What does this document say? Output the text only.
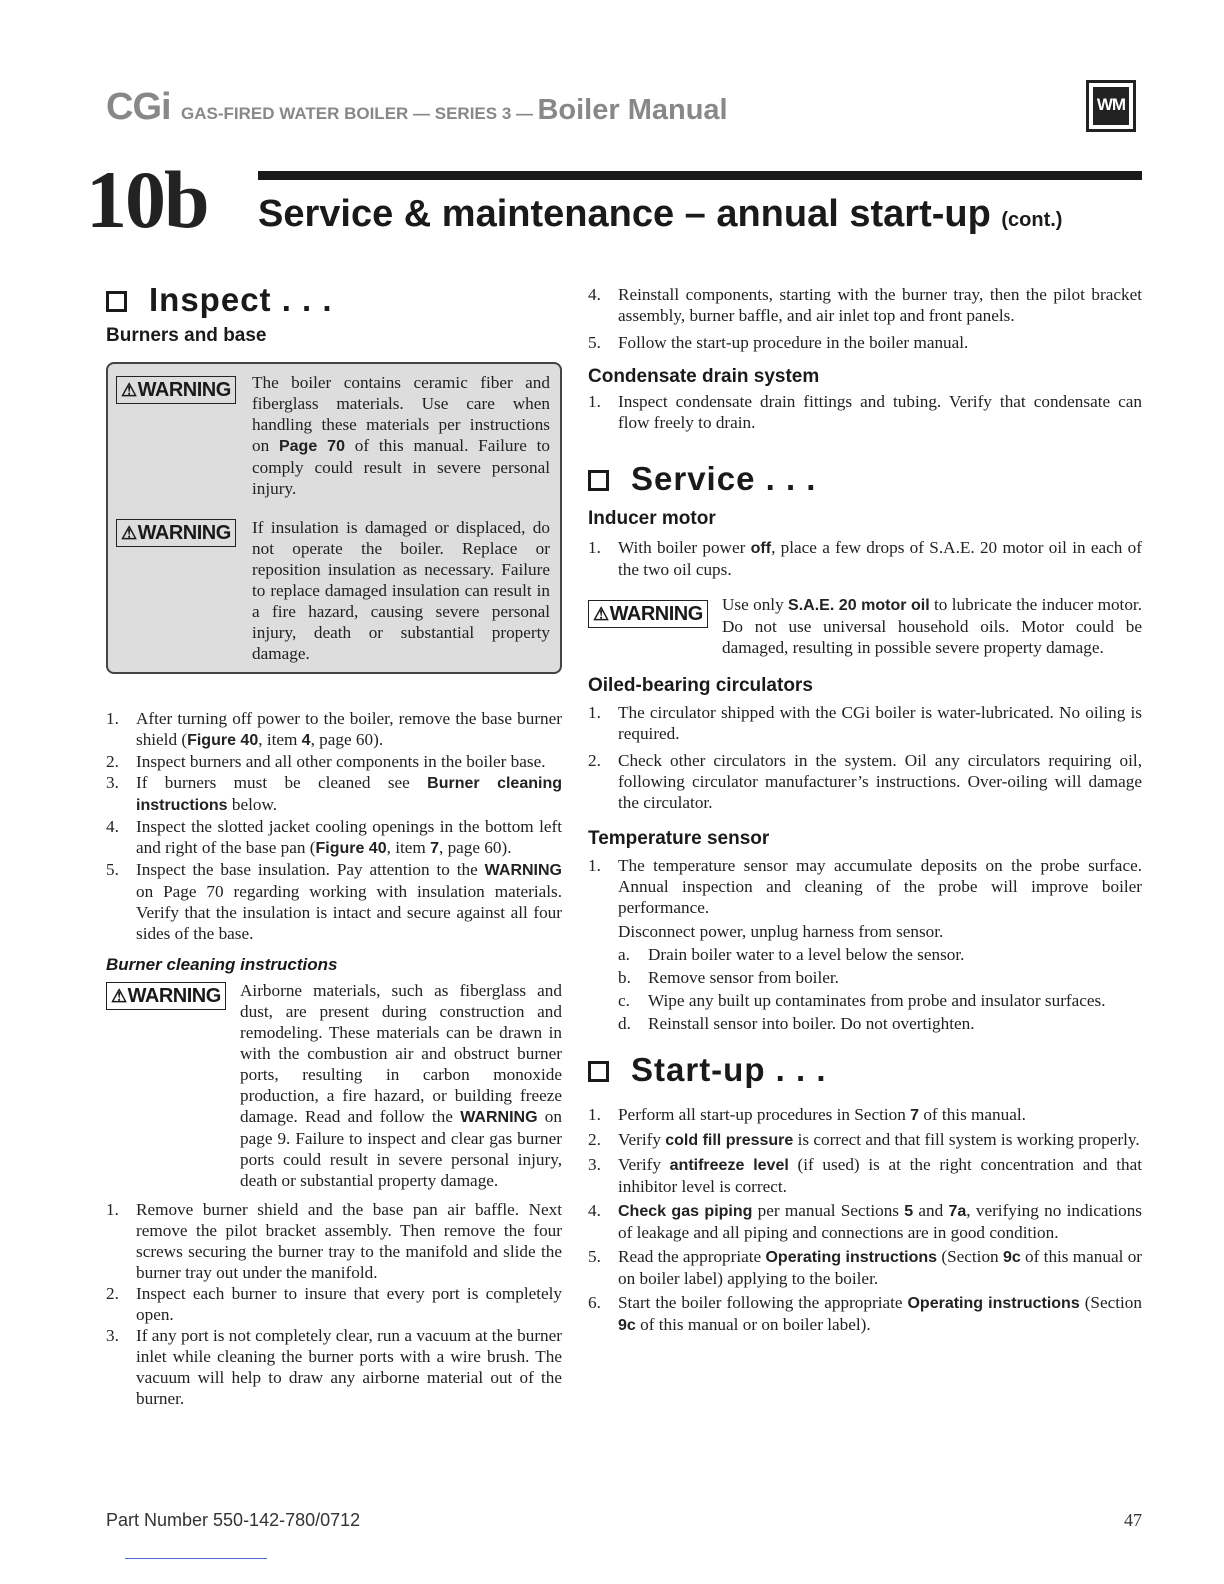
CGi GAS-FIRED WATER BOILER — SERIES 3 — Boiler Manual	WM
10b Service & maintenance – annual start-up (cont.)
Inspect . . .
Burners and base
⚠WARNING The boiler contains ceramic fiber and fiberglass materials. Use care when handling these materials per instructions on Page 70 of this manual. Failure to comply could result in severe personal injury.

⚠WARNING If insulation is damaged or displaced, do not operate the boiler. Replace or reposition insulation as necessary. Failure to replace damaged insulation can result in a fire hazard, causing severe personal injury, death or substantial property damage.

1. After turning off power to the boiler, remove the base burner shield (Figure 40, item 4, page 60).
2. Inspect burners and all other components in the boiler base.
3. If burners must be cleaned see Burner cleaning instructions below.
4. Inspect the slotted jacket cooling openings in the bottom left and right of the base pan (Figure 40, item 7, page 60).
5. Inspect the base insulation. Pay attention to the WARNING on Page 70 regarding working with insulation materials. Verify that the insulation is intact and secure against all four sides of the base.
Burner cleaning instructions
⚠WARNING Airborne materials, such as fiberglass and dust, are present during construction and remodeling. These materials can be drawn in with the combustion air and obstruct burner ports, resulting in carbon monoxide production, a fire hazard, or building freeze damage. Read and follow the WARNING on page 9. Failure to inspect and clear gas burner ports could result in severe personal injury, death or substantial property damage.

1. Remove burner shield and the base pan air baffle. Next remove the pilot bracket assembly. Then remove the four screws securing the burner tray to the manifold and slide the burner tray out under the manifold.
2. Inspect each burner to insure that every port is completely open.
3. If any port is not completely clear, run a vacuum at the burner inlet while cleaning the burner ports with a wire brush. The vacuum will help to draw any airborne material out of the burner.
4. Reinstall components, starting with the burner tray, then the pilot bracket assembly, burner baffle, and air inlet top and front panels.
5. Follow the start-up procedure in the boiler manual.
Condensate drain system
1. Inspect condensate drain fittings and tubing. Verify that condensate can flow freely to drain.
Service . . .
Inducer motor
1. With boiler power off, place a few drops of S.A.E. 20 motor oil in each of the two oil cups.
⚠WARNING Use only S.A.E. 20 motor oil to lubricate the inducer motor. Do not use universal household oils. Motor could be damaged, resulting in possible severe property damage.

Oiled-bearing circulators
1. The circulator shipped with the CGi boiler is water-lubricated. No oiling is required.
2. Check other circulators in the system. Oil any circulators requiring oil, following circulator manufacturer’s instructions. Over-oiling will damage the circulator.
Temperature sensor
1. The temperature sensor may accumulate deposits on the probe surface. Annual inspection and cleaning of the probe will improve boiler performance.
Disconnect power, unplug harness from sensor.
a. Drain boiler water to a level below the sensor.
b. Remove sensor from boiler.
c. Wipe any built up contaminates from probe and insulator surfaces.
d. Reinstall sensor into boiler. Do not overtighten.
Start-up . . .
1. Perform all start-up procedures in Section 7 of this manual.
2. Verify cold fill pressure is correct and that fill system is working properly.
3. Verify antifreeze level (if used) is at the right concentration and that inhibitor level is correct.
4. Check gas piping per manual Sections 5 and 7a, verifying no indications of leakage and all piping and connections are in good condition.
5. Read the appropriate Operating instructions (Section 9c of this manual or on boiler label) applying to the boiler.
6. Start the boiler following the appropriate Operating instructions (Section 9c of this manual or on boiler label).
Part Number 550-142-780/0712	47
